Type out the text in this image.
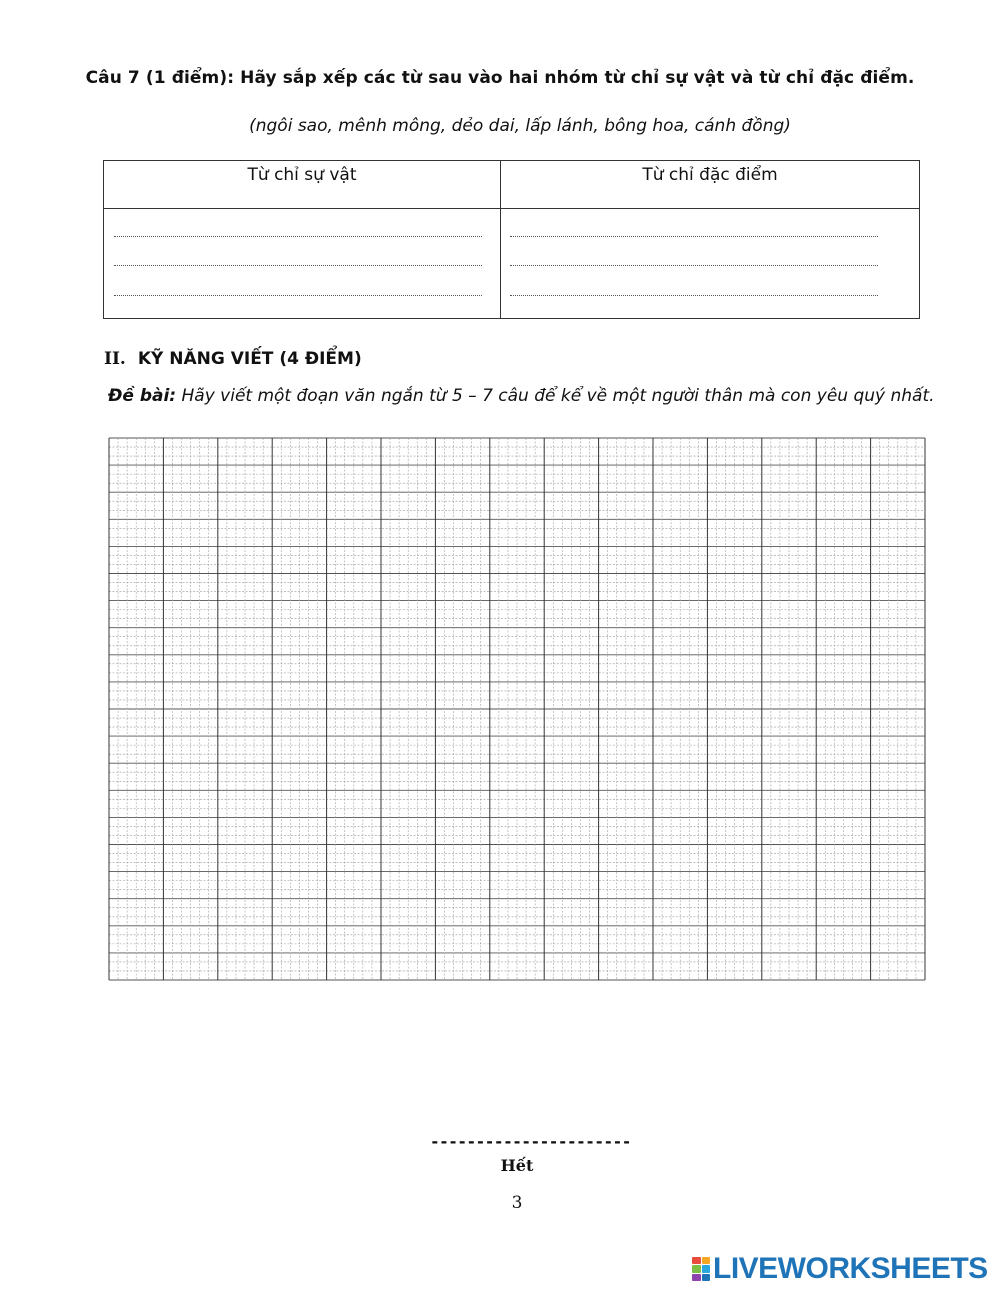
Câu 7 (1 điểm): Hãy sắp xếp các từ sau vào hai nhóm từ chỉ sự vật và từ chỉ đặc điểm.
(ngôi sao, mênh mông, dẻo dai, lấp lánh, bông hoa, cánh đồng)
Từ chỉ sự vật	Từ chỉ đặc điểm

II. KỸ NĂNG VIẾT (4 ĐIỂM)
Đề bài: Hãy viết một đoạn văn ngắn từ 5 – 7 câu để kể về một người thân mà con yêu quý nhất.
----------------------
Hết
3
LIVEWORKSHEETS
